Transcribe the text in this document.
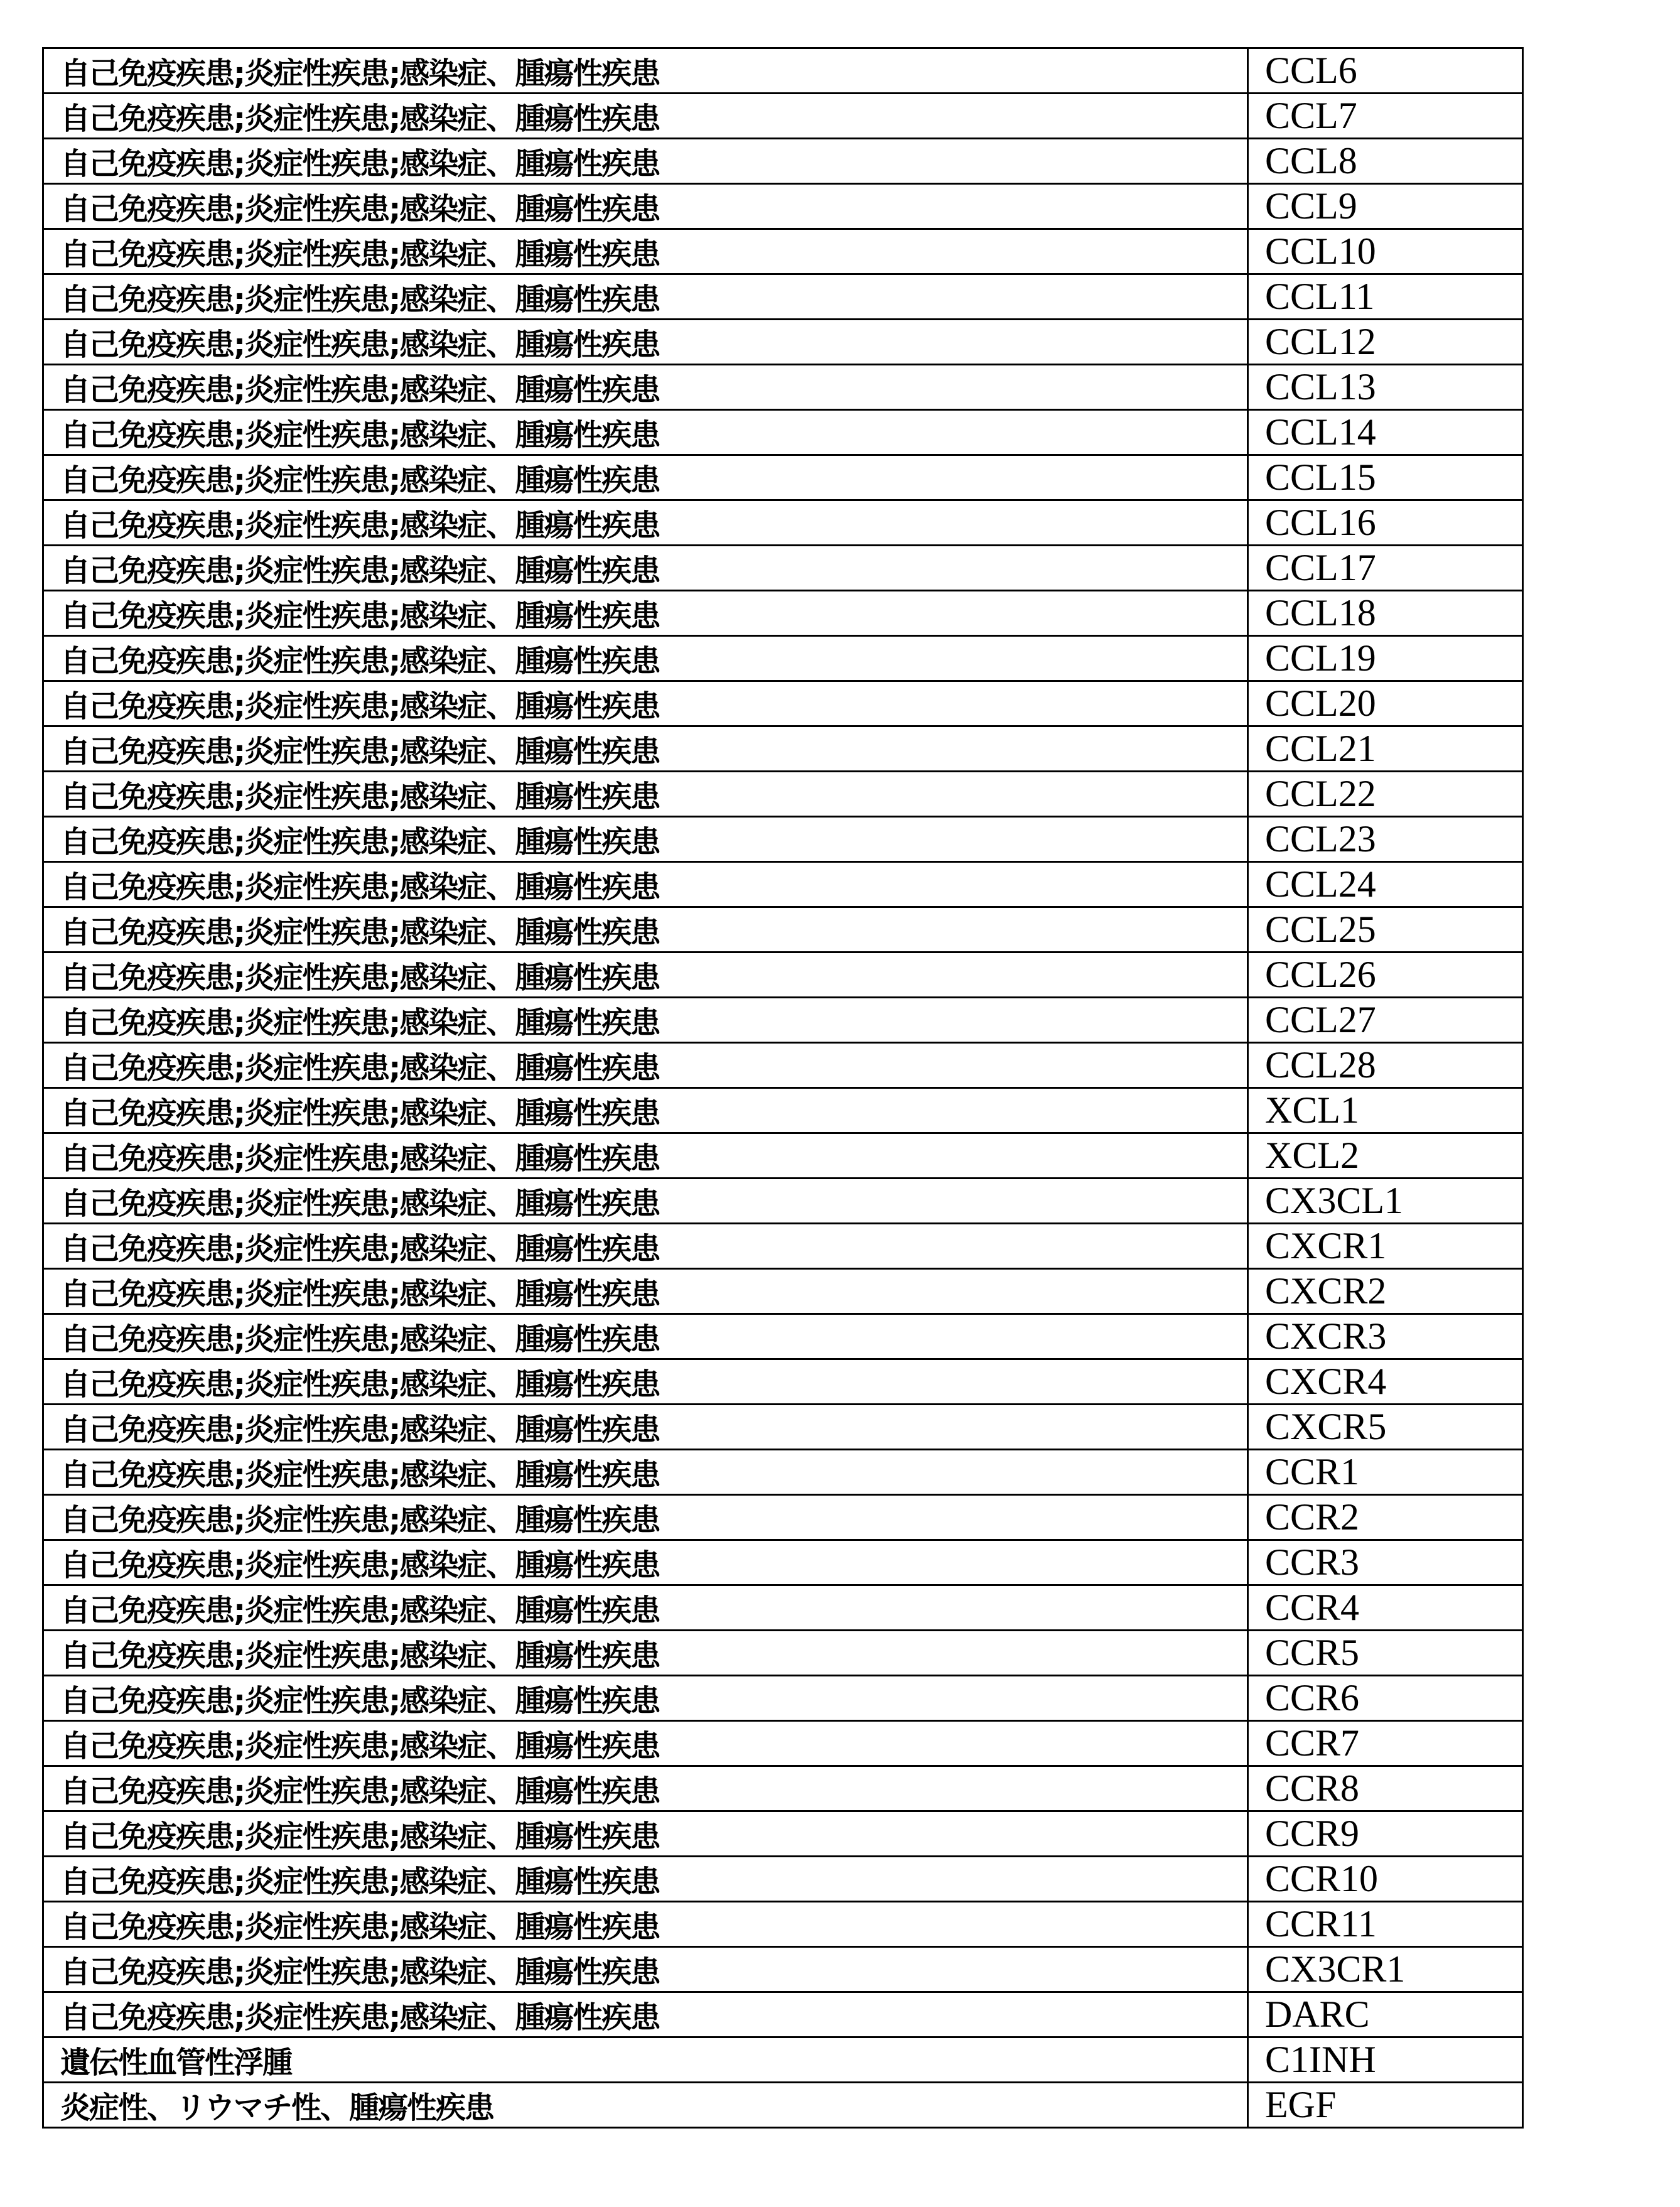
自己免疫疾患;炎症性疾患;感染症、腫瘍性疾患	CCL6
自己免疫疾患;炎症性疾患;感染症、腫瘍性疾患	CCL7
自己免疫疾患;炎症性疾患;感染症、腫瘍性疾患	CCL8
自己免疫疾患;炎症性疾患;感染症、腫瘍性疾患	CCL9
自己免疫疾患;炎症性疾患;感染症、腫瘍性疾患	CCL10
自己免疫疾患;炎症性疾患;感染症、腫瘍性疾患	CCL11
自己免疫疾患;炎症性疾患;感染症、腫瘍性疾患	CCL12
自己免疫疾患;炎症性疾患;感染症、腫瘍性疾患	CCL13
自己免疫疾患;炎症性疾患;感染症、腫瘍性疾患	CCL14
自己免疫疾患;炎症性疾患;感染症、腫瘍性疾患	CCL15
自己免疫疾患;炎症性疾患;感染症、腫瘍性疾患	CCL16
自己免疫疾患;炎症性疾患;感染症、腫瘍性疾患	CCL17
自己免疫疾患;炎症性疾患;感染症、腫瘍性疾患	CCL18
自己免疫疾患;炎症性疾患;感染症、腫瘍性疾患	CCL19
自己免疫疾患;炎症性疾患;感染症、腫瘍性疾患	CCL20
自己免疫疾患;炎症性疾患;感染症、腫瘍性疾患	CCL21
自己免疫疾患;炎症性疾患;感染症、腫瘍性疾患	CCL22
自己免疫疾患;炎症性疾患;感染症、腫瘍性疾患	CCL23
自己免疫疾患;炎症性疾患;感染症、腫瘍性疾患	CCL24
自己免疫疾患;炎症性疾患;感染症、腫瘍性疾患	CCL25
自己免疫疾患;炎症性疾患;感染症、腫瘍性疾患	CCL26
自己免疫疾患;炎症性疾患;感染症、腫瘍性疾患	CCL27
自己免疫疾患;炎症性疾患;感染症、腫瘍性疾患	CCL28
自己免疫疾患;炎症性疾患;感染症、腫瘍性疾患	XCL1
自己免疫疾患;炎症性疾患;感染症、腫瘍性疾患	XCL2
自己免疫疾患;炎症性疾患;感染症、腫瘍性疾患	CX3CL1
自己免疫疾患;炎症性疾患;感染症、腫瘍性疾患	CXCR1
自己免疫疾患;炎症性疾患;感染症、腫瘍性疾患	CXCR2
自己免疫疾患;炎症性疾患;感染症、腫瘍性疾患	CXCR3
自己免疫疾患;炎症性疾患;感染症、腫瘍性疾患	CXCR4
自己免疫疾患;炎症性疾患;感染症、腫瘍性疾患	CXCR5
自己免疫疾患;炎症性疾患;感染症、腫瘍性疾患	CCR1
自己免疫疾患;炎症性疾患;感染症、腫瘍性疾患	CCR2
自己免疫疾患;炎症性疾患;感染症、腫瘍性疾患	CCR3
自己免疫疾患;炎症性疾患;感染症、腫瘍性疾患	CCR4
自己免疫疾患;炎症性疾患;感染症、腫瘍性疾患	CCR5
自己免疫疾患;炎症性疾患;感染症、腫瘍性疾患	CCR6
自己免疫疾患;炎症性疾患;感染症、腫瘍性疾患	CCR7
自己免疫疾患;炎症性疾患;感染症、腫瘍性疾患	CCR8
自己免疫疾患;炎症性疾患;感染症、腫瘍性疾患	CCR9
自己免疫疾患;炎症性疾患;感染症、腫瘍性疾患	CCR10
自己免疫疾患;炎症性疾患;感染症、腫瘍性疾患	CCR11
自己免疫疾患;炎症性疾患;感染症、腫瘍性疾患	CX3CR1
自己免疫疾患;炎症性疾患;感染症、腫瘍性疾患	DARC
遺伝性血管性浮腫	C1INH
炎症性、リウマチ性、腫瘍性疾患	EGF
